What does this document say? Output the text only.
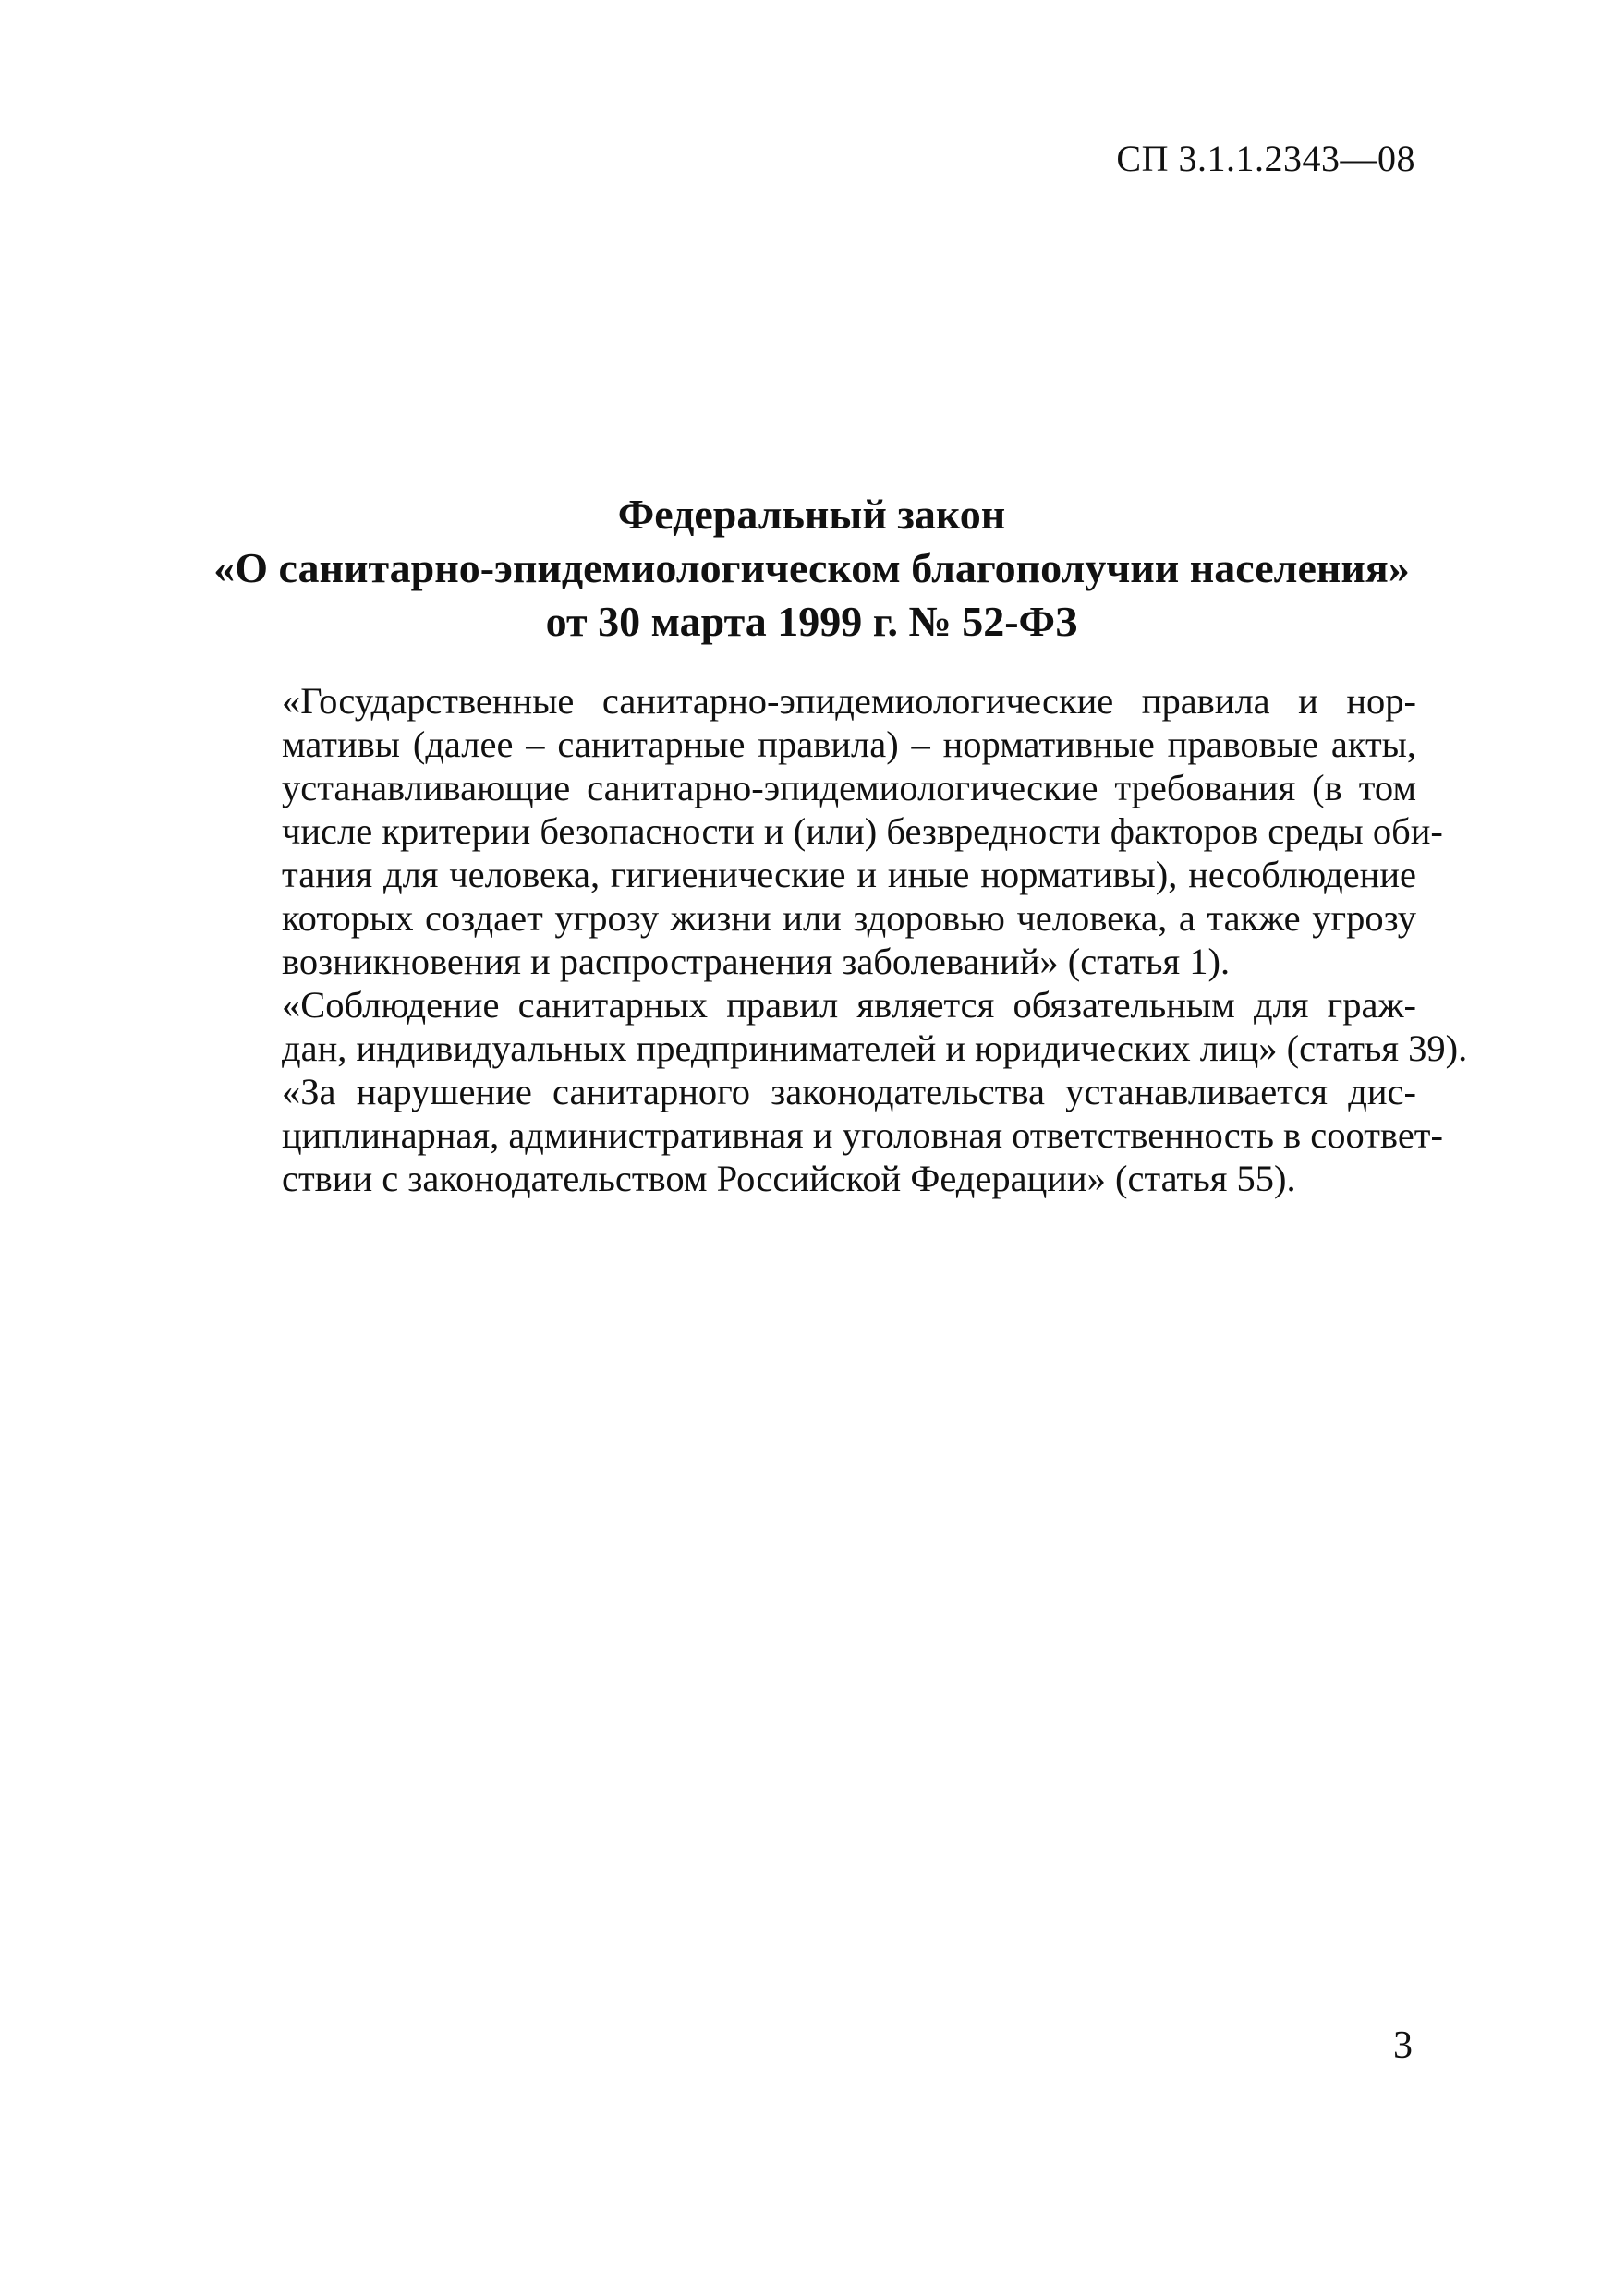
СП 3.1.1.2343—08
Федеральный закон
«О санитарно-эпидемиологическом благополучии населения»
от 30 марта 1999 г. № 52-ФЗ
«Государственные санитарно-эпидемиологические правила и нор-
мативы (далее – санитарные правила) – нормативные правовые акты,
устанавливающие санитарно-эпидемиологические требования (в том
числе критерии безопасности и (или) безвредности факторов среды оби-
тания для человека, гигиенические и иные нормативы), несоблюдение
которых создает угрозу жизни или здоровью человека, а также угрозу
возникновения и распространения заболеваний» (статья 1).
«Соблюдение санитарных правил является обязательным для граж-
дан, индивидуальных предпринимателей и юридических лиц» (статья 39).
«За нарушение санитарного законодательства устанавливается дис-
циплинарная, административная и уголовная ответственность в соответ-
ствии с законодательством Российской Федерации» (статья 55).
3
